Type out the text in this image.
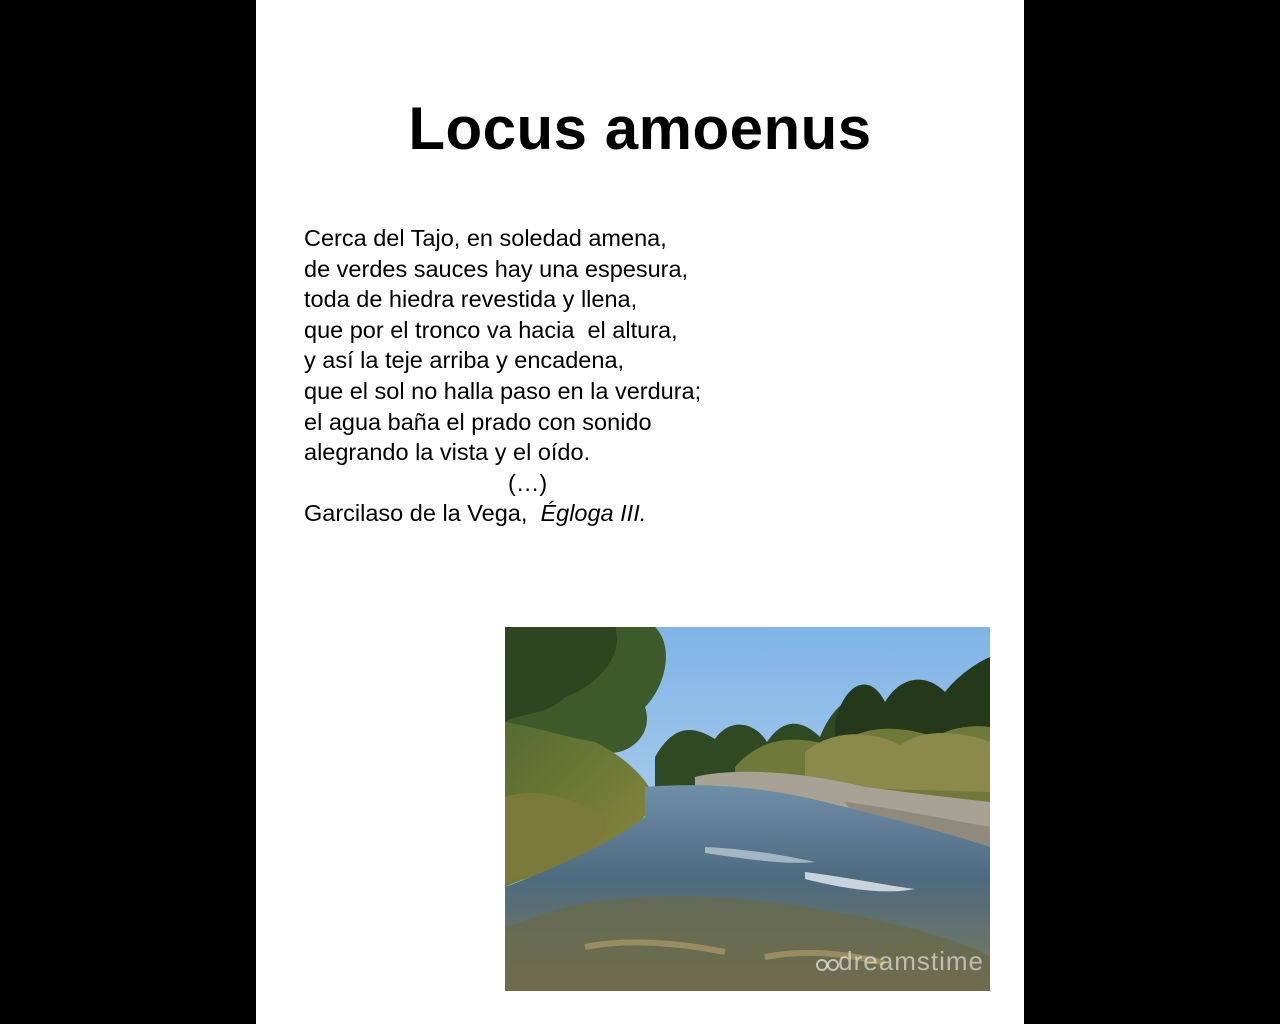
Locus amoenus
Cerca del Tajo, en soledad amena,
de verdes sauces hay una espesura,
toda de hiedra revestida y llena,
que por el tronco va hacia  el altura,
y así la teje arriba y encadena,
que el sol no halla paso en la verdura;
el agua baña el prado con sonido
alegrando la vista y el oído.
(…)
Garcilaso de la Vega,  Égloga III.
dreamstime
